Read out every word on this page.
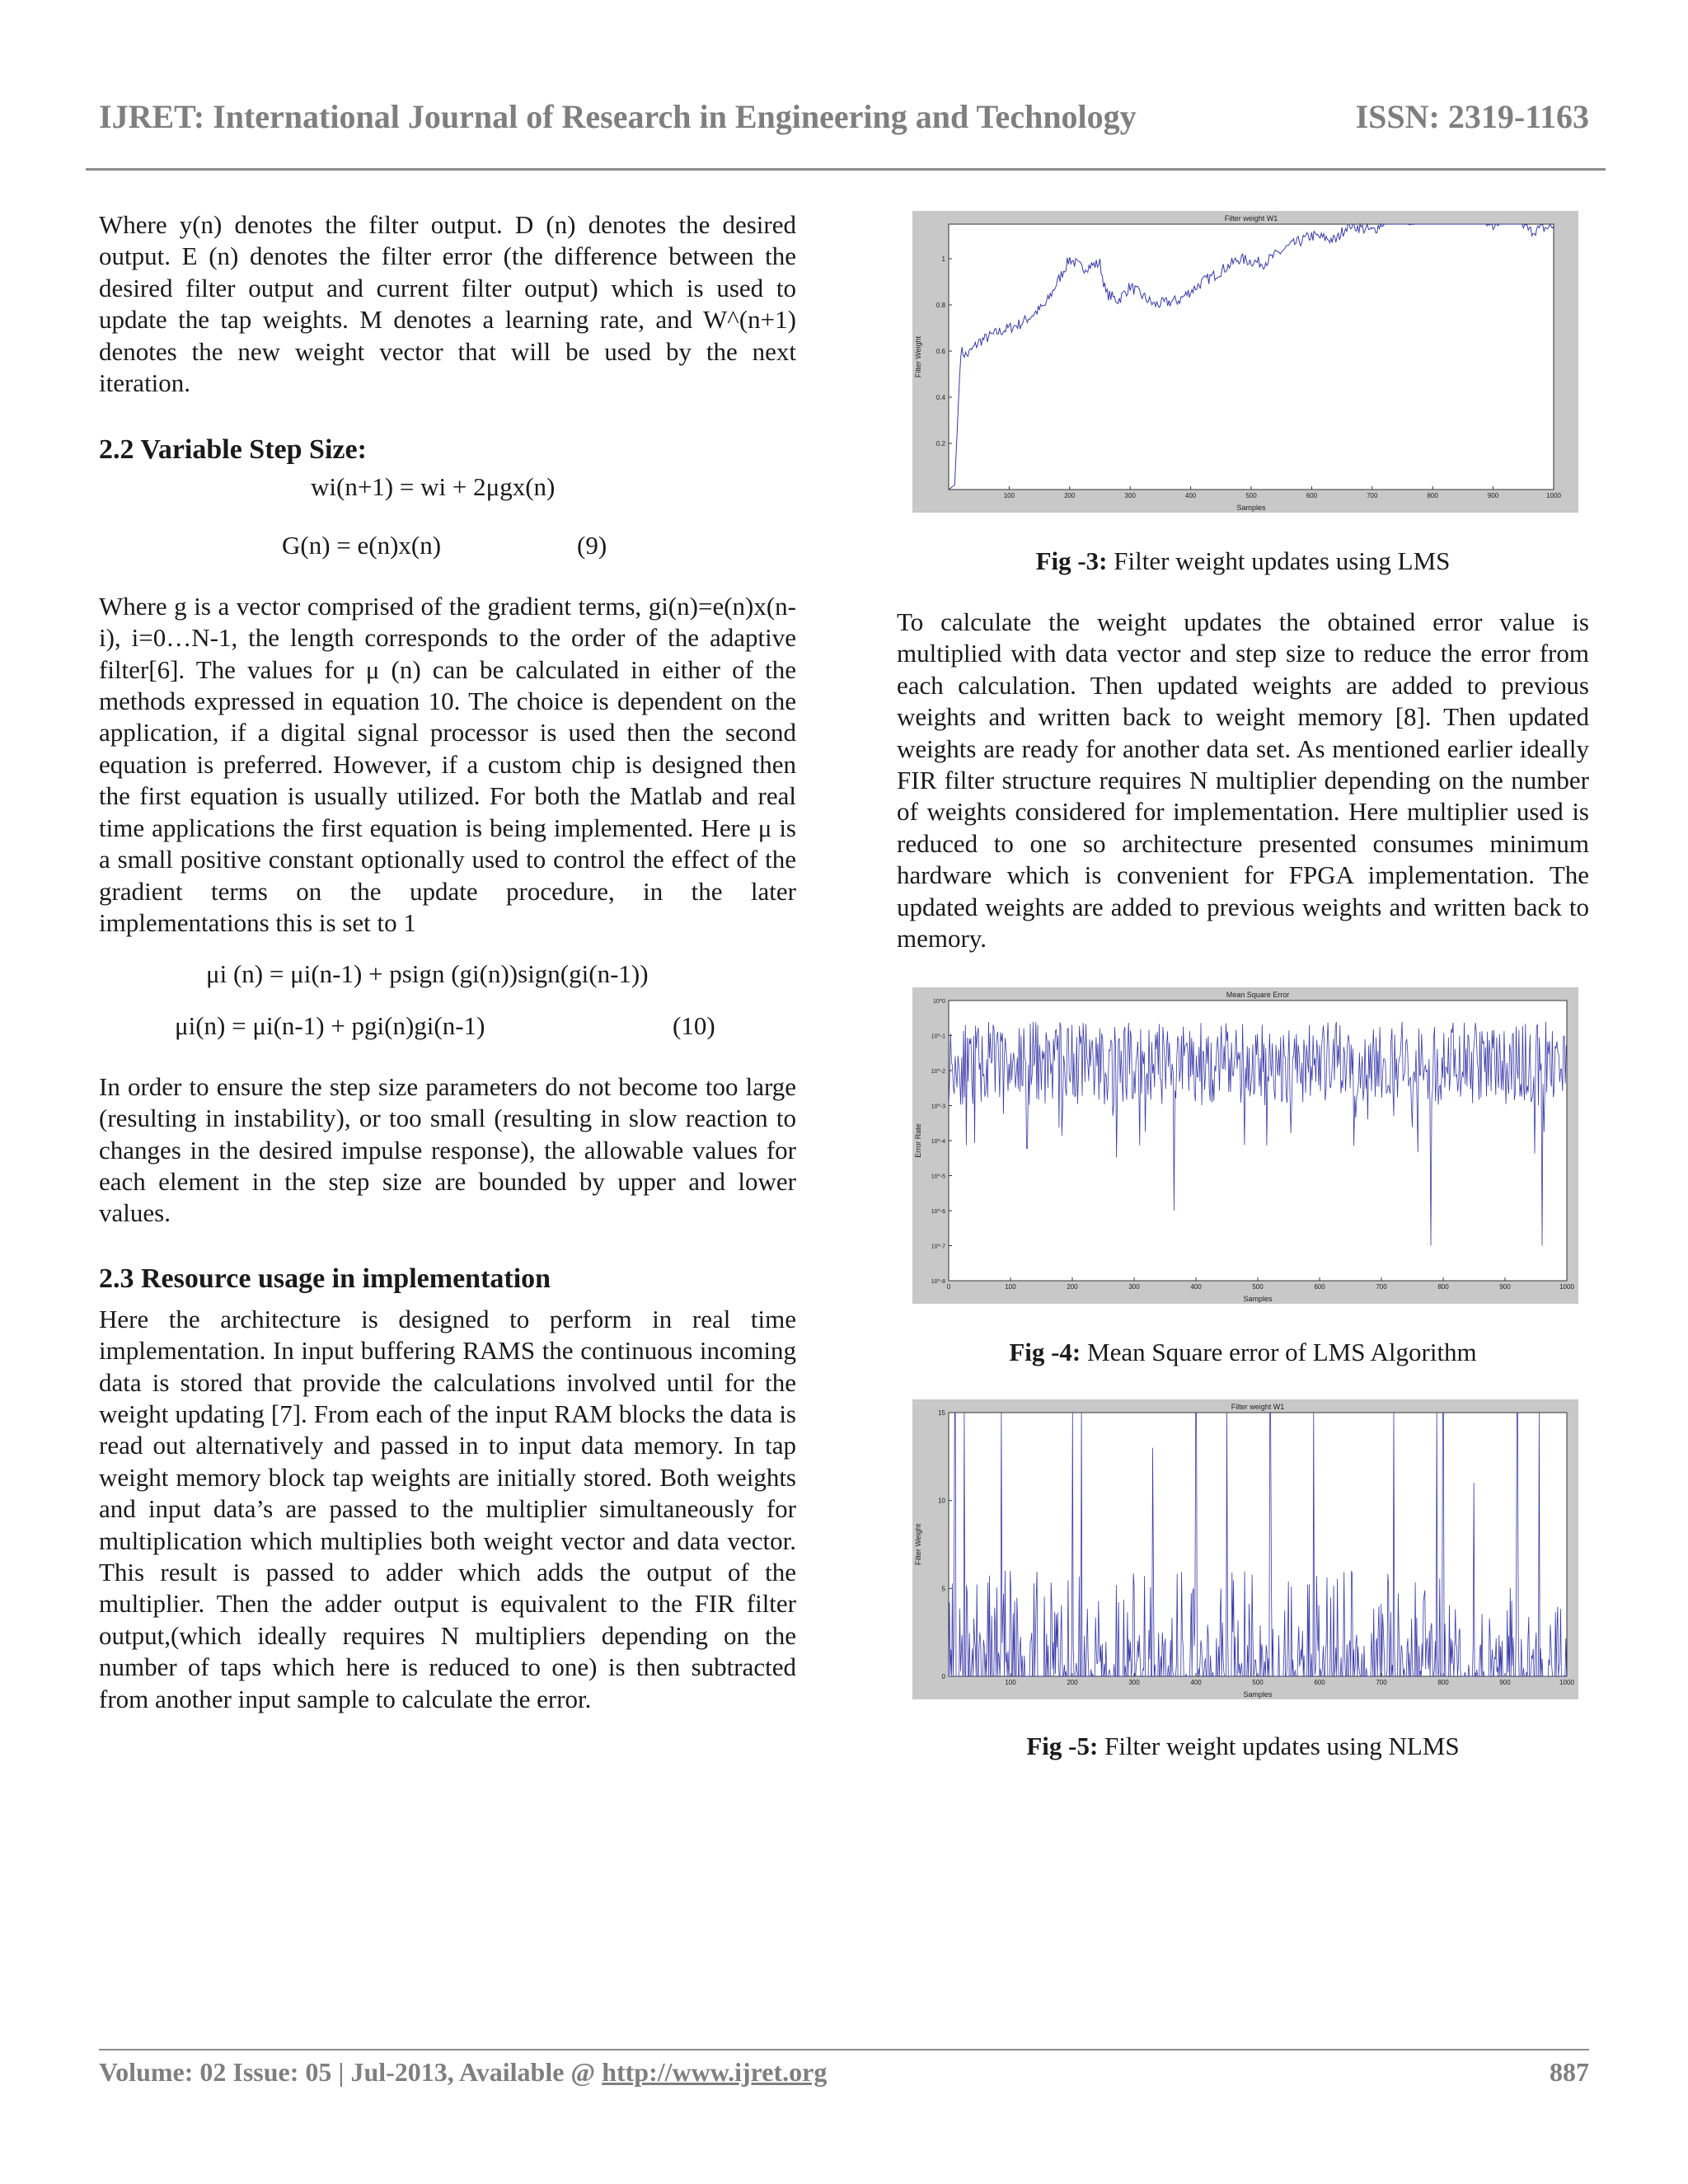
IJRET: International Journal of Research in Engineering and Technology	ISSN: 2319-1163

Where y(n) denotes the filter output. D (n) denotes the desired output. E (n) denotes the filter error (the difference between the desired filter output and current filter output) which is used to update the tap weights. M denotes a learning rate, and W^(n+1) denotes the new weight vector that will be used by the next iteration.

2.2 Variable Step Size:
wi(n+1) = wi + 2μgx(n)
G(n) = e(n)x(n)	(9)

Where g is a vector comprised of the gradient terms, gi(n)=e(n)x(n-i), i=0…N-1, the length corresponds to the order of the adaptive filter[6]. The values for μ (n) can be calculated in either of the methods expressed in equation 10. The choice is dependent on the application, if a digital signal processor is used then the second equation is preferred. However, if a custom chip is designed then the first equation is usually utilized. For both the Matlab and real time applications the first equation is being implemented. Here μ is a small positive constant optionally used to control the effect of the gradient terms on the update procedure, in the later implementations this is set to 1

μi (n) = μi(n-1) + psign (gi(n))sign(gi(n-1))
μi(n) = μi(n-1) + pgi(n)gi(n-1)	(10)

In order to ensure the step size parameters do not become too large (resulting in instability), or too small (resulting in slow reaction to changes in the desired impulse response), the allowable values for each element in the step size are bounded by upper and lower values.

2.3 Resource usage in implementation

Here the architecture is designed to perform in real time implementation. In input buffering RAMS the continuous incoming data is stored that provide the calculations involved until for the weight updating [7]. From each of the input RAM blocks the data is read out alternatively and passed in to input data memory. In tap weight memory block tap weights are initially stored. Both weights and input data’s are passed to the multiplier simultaneously for multiplication which multiplies both weight vector and data vector. This result is passed to adder which adds the output of the multiplier. Then the adder output is equivalent to the FIR filter output,(which ideally requires N multipliers depending on the number of taps which here is reduced to one) is then subtracted from another input sample to calculate the error.

Filter weight W1
Samples
Filter Weight
100	200	300	400	500	600	700	800	900	1000
0.2
0.4
0.6
0.8
1
Fig -3: Filter weight updates using LMS

To calculate the weight updates the obtained error value is multiplied with data vector and step size to reduce the error from each calculation. Then updated weights are added to previous weights and written back to weight memory [8]. Then updated weights are ready for another data set. As mentioned earlier ideally FIR filter structure requires N multiplier depending on the number of weights considered for implementation. Here multiplier used is reduced to one so architecture presented consumes minimum hardware which is convenient for FPGA implementation. The updated weights are added to previous weights and written back to memory.

Mean Square Error
Samples
Error Rate
0	100	200	300	400	500	600	700	800	900	1000
10^-8
10^-7
10^-6
10^-5
10^-4
10^-3
10^-2
10^-1
10^0
Fig -4: Mean Square error of LMS Algorithm
Filter weight W1
Samples
Filter Weight
100	200	300	400	500	600	700	800	900	1000
0
5
10
15
Fig -5: Filter weight updates using NLMS
Volume: 02 Issue: 05 | Jul-2013, Available @ http://www.ijret.org	887
